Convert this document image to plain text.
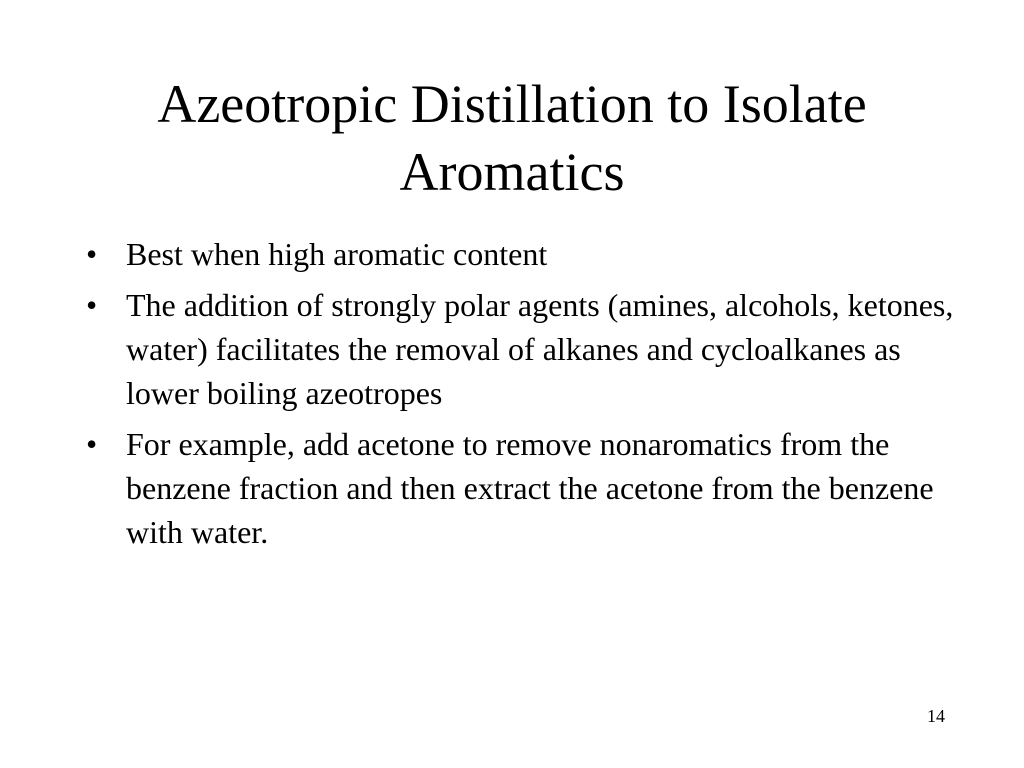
Azeotropic Distillation to Isolate Aromatics
• Best when high aromatic content
• The addition of strongly polar agents (amines, alcohols, ketones, water) facilitates the removal of alkanes and cycloalkanes as lower boiling azeotropes
• For example, add acetone to remove nonaromatics from the benzene fraction and then extract the acetone from the benzene with water.
14
